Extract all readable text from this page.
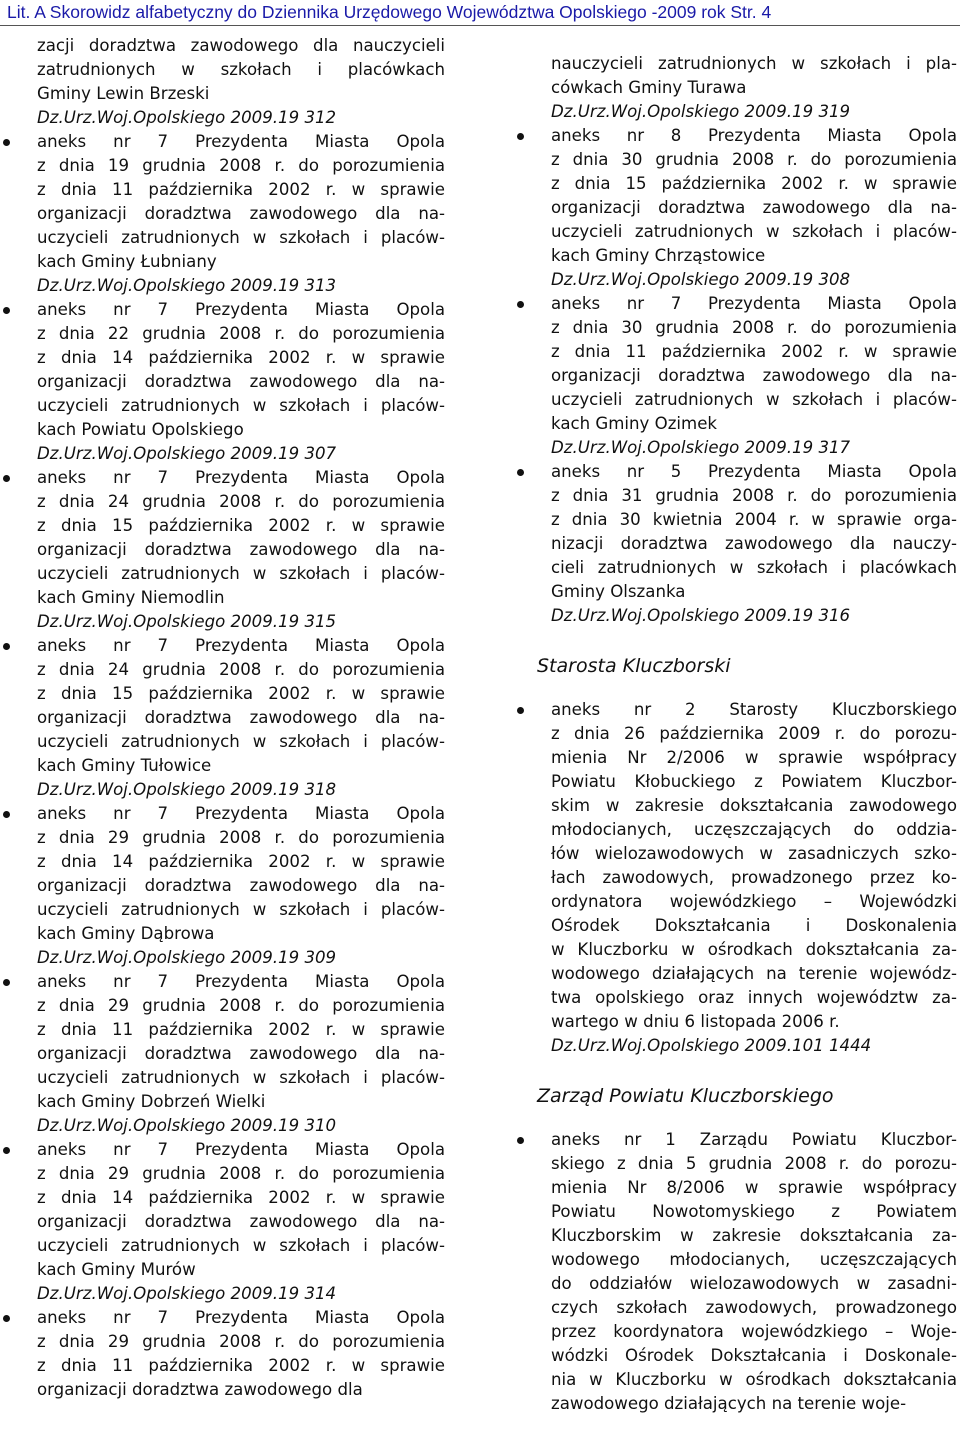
Lit. A Skorowidz alfabetyczny do Dziennika Urzędowego Województwa Opolskiego -2009 rok Str. 4
zacji doradztwa zawodowego dla nauczycieli
zatrudnionych w szkołach i placówkach
Gminy Lewin Brzeski
Dz.Urz.Woj.Opolskiego 2009.19 312
aneks nr 7 Prezydenta Miasta Opola
z dnia 19 grudnia 2008 r. do porozumienia
z dnia 11 października 2002 r. w sprawie
organizacji doradztwa zawodowego dla na-
uczycieli zatrudnionych w szkołach i placów-
kach Gminy Łubniany
Dz.Urz.Woj.Opolskiego 2009.19 313
aneks nr 7 Prezydenta Miasta Opola
z dnia 22 grudnia 2008 r. do porozumienia
z dnia 14 października 2002 r. w sprawie
organizacji doradztwa zawodowego dla na-
uczycieli zatrudnionych w szkołach i placów-
kach Powiatu Opolskiego
Dz.Urz.Woj.Opolskiego 2009.19 307
aneks nr 7 Prezydenta Miasta Opola
z dnia 24 grudnia 2008 r. do porozumienia
z dnia 15 października 2002 r. w sprawie
organizacji doradztwa zawodowego dla na-
uczycieli zatrudnionych w szkołach i placów-
kach Gminy Niemodlin
Dz.Urz.Woj.Opolskiego 2009.19 315
aneks nr 7 Prezydenta Miasta Opola
z dnia 24 grudnia 2008 r. do porozumienia
z dnia 15 października 2002 r. w sprawie
organizacji doradztwa zawodowego dla na-
uczycieli zatrudnionych w szkołach i placów-
kach Gminy Tułowice
Dz.Urz.Woj.Opolskiego 2009.19 318
aneks nr 7 Prezydenta Miasta Opola
z dnia 29 grudnia 2008 r. do porozumienia
z dnia 14 października 2002 r. w sprawie
organizacji doradztwa zawodowego dla na-
uczycieli zatrudnionych w szkołach i placów-
kach Gminy Dąbrowa
Dz.Urz.Woj.Opolskiego 2009.19 309
aneks nr 7 Prezydenta Miasta Opola
z dnia 29 grudnia 2008 r. do porozumienia
z dnia 11 października 2002 r. w sprawie
organizacji doradztwa zawodowego dla na-
uczycieli zatrudnionych w szkołach i placów-
kach Gminy Dobrzeń Wielki
Dz.Urz.Woj.Opolskiego 2009.19 310
aneks nr 7 Prezydenta Miasta Opola
z dnia 29 grudnia 2008 r. do porozumienia
z dnia 14 października 2002 r. w sprawie
organizacji doradztwa zawodowego dla na-
uczycieli zatrudnionych w szkołach i placów-
kach Gminy Murów
Dz.Urz.Woj.Opolskiego 2009.19 314
aneks nr 7 Prezydenta Miasta Opola
z dnia 29 grudnia 2008 r. do porozumienia
z dnia 11 października 2002 r. w sprawie
organizacji doradztwa zawodowego dla
nauczycieli zatrudnionych w szkołach i pla-
cówkach Gminy Turawa
Dz.Urz.Woj.Opolskiego 2009.19 319
aneks nr 8 Prezydenta Miasta Opola
z dnia 30 grudnia 2008 r. do porozumienia
z dnia 15 października 2002 r. w sprawie
organizacji doradztwa zawodowego dla na-
uczycieli zatrudnionych w szkołach i placów-
kach Gminy Chrząstowice
Dz.Urz.Woj.Opolskiego 2009.19 308
aneks nr 7 Prezydenta Miasta Opola
z dnia 30 grudnia 2008 r. do porozumienia
z dnia 11 października 2002 r. w sprawie
organizacji doradztwa zawodowego dla na-
uczycieli zatrudnionych w szkołach i placów-
kach Gminy Ozimek
Dz.Urz.Woj.Opolskiego 2009.19 317
aneks nr 5 Prezydenta Miasta Opola
z dnia 31 grudnia 2008 r. do porozumienia
z dnia 30 kwietnia 2004 r. w sprawie orga-
nizacji doradztwa zawodowego dla nauczy-
cieli zatrudnionych w szkołach i placówkach
Gminy Olszanka
Dz.Urz.Woj.Opolskiego 2009.19 316
Starosta Kluczborski
aneks nr 2 Starosty Kluczborskiego
z dnia 26 października 2009 r. do porozu-
mienia Nr 2/2006 w sprawie współpracy
Powiatu Kłobuckiego z Powiatem Kluczbor-
skim w zakresie dokształcania zawodowego
młodocianych, uczęszczających do oddzia-
łów wielozawodowych w zasadniczych szko-
łach zawodowych, prowadzonego przez ko-
ordynatora wojewódzkiego – Wojewódzki
Ośrodek Dokształcania i Doskonalenia
w Kluczborku w ośrodkach dokształcania za-
wodowego działających na terenie wojewódz-
twa opolskiego oraz innych województw za-
wartego w dniu 6 listopada 2006 r.
Dz.Urz.Woj.Opolskiego 2009.101 1444
Zarząd Powiatu Kluczborskiego
aneks nr 1 Zarządu Powiatu Kluczbor-
skiego z dnia 5 grudnia 2008 r. do porozu-
mienia Nr 8/2006 w sprawie współpracy
Powiatu Nowotomyskiego z Powiatem
Kluczborskim w zakresie dokształcania za-
wodowego młodocianych, uczęszczających
do oddziałów wielozawodowych w zasadni-
czych szkołach zawodowych, prowadzonego
przez koordynatora wojewódzkiego – Woje-
wódzki Ośrodek Dokształcania i Doskonale-
nia w Kluczborku w ośrodkach dokształcania
zawodowego działających na terenie woje-
